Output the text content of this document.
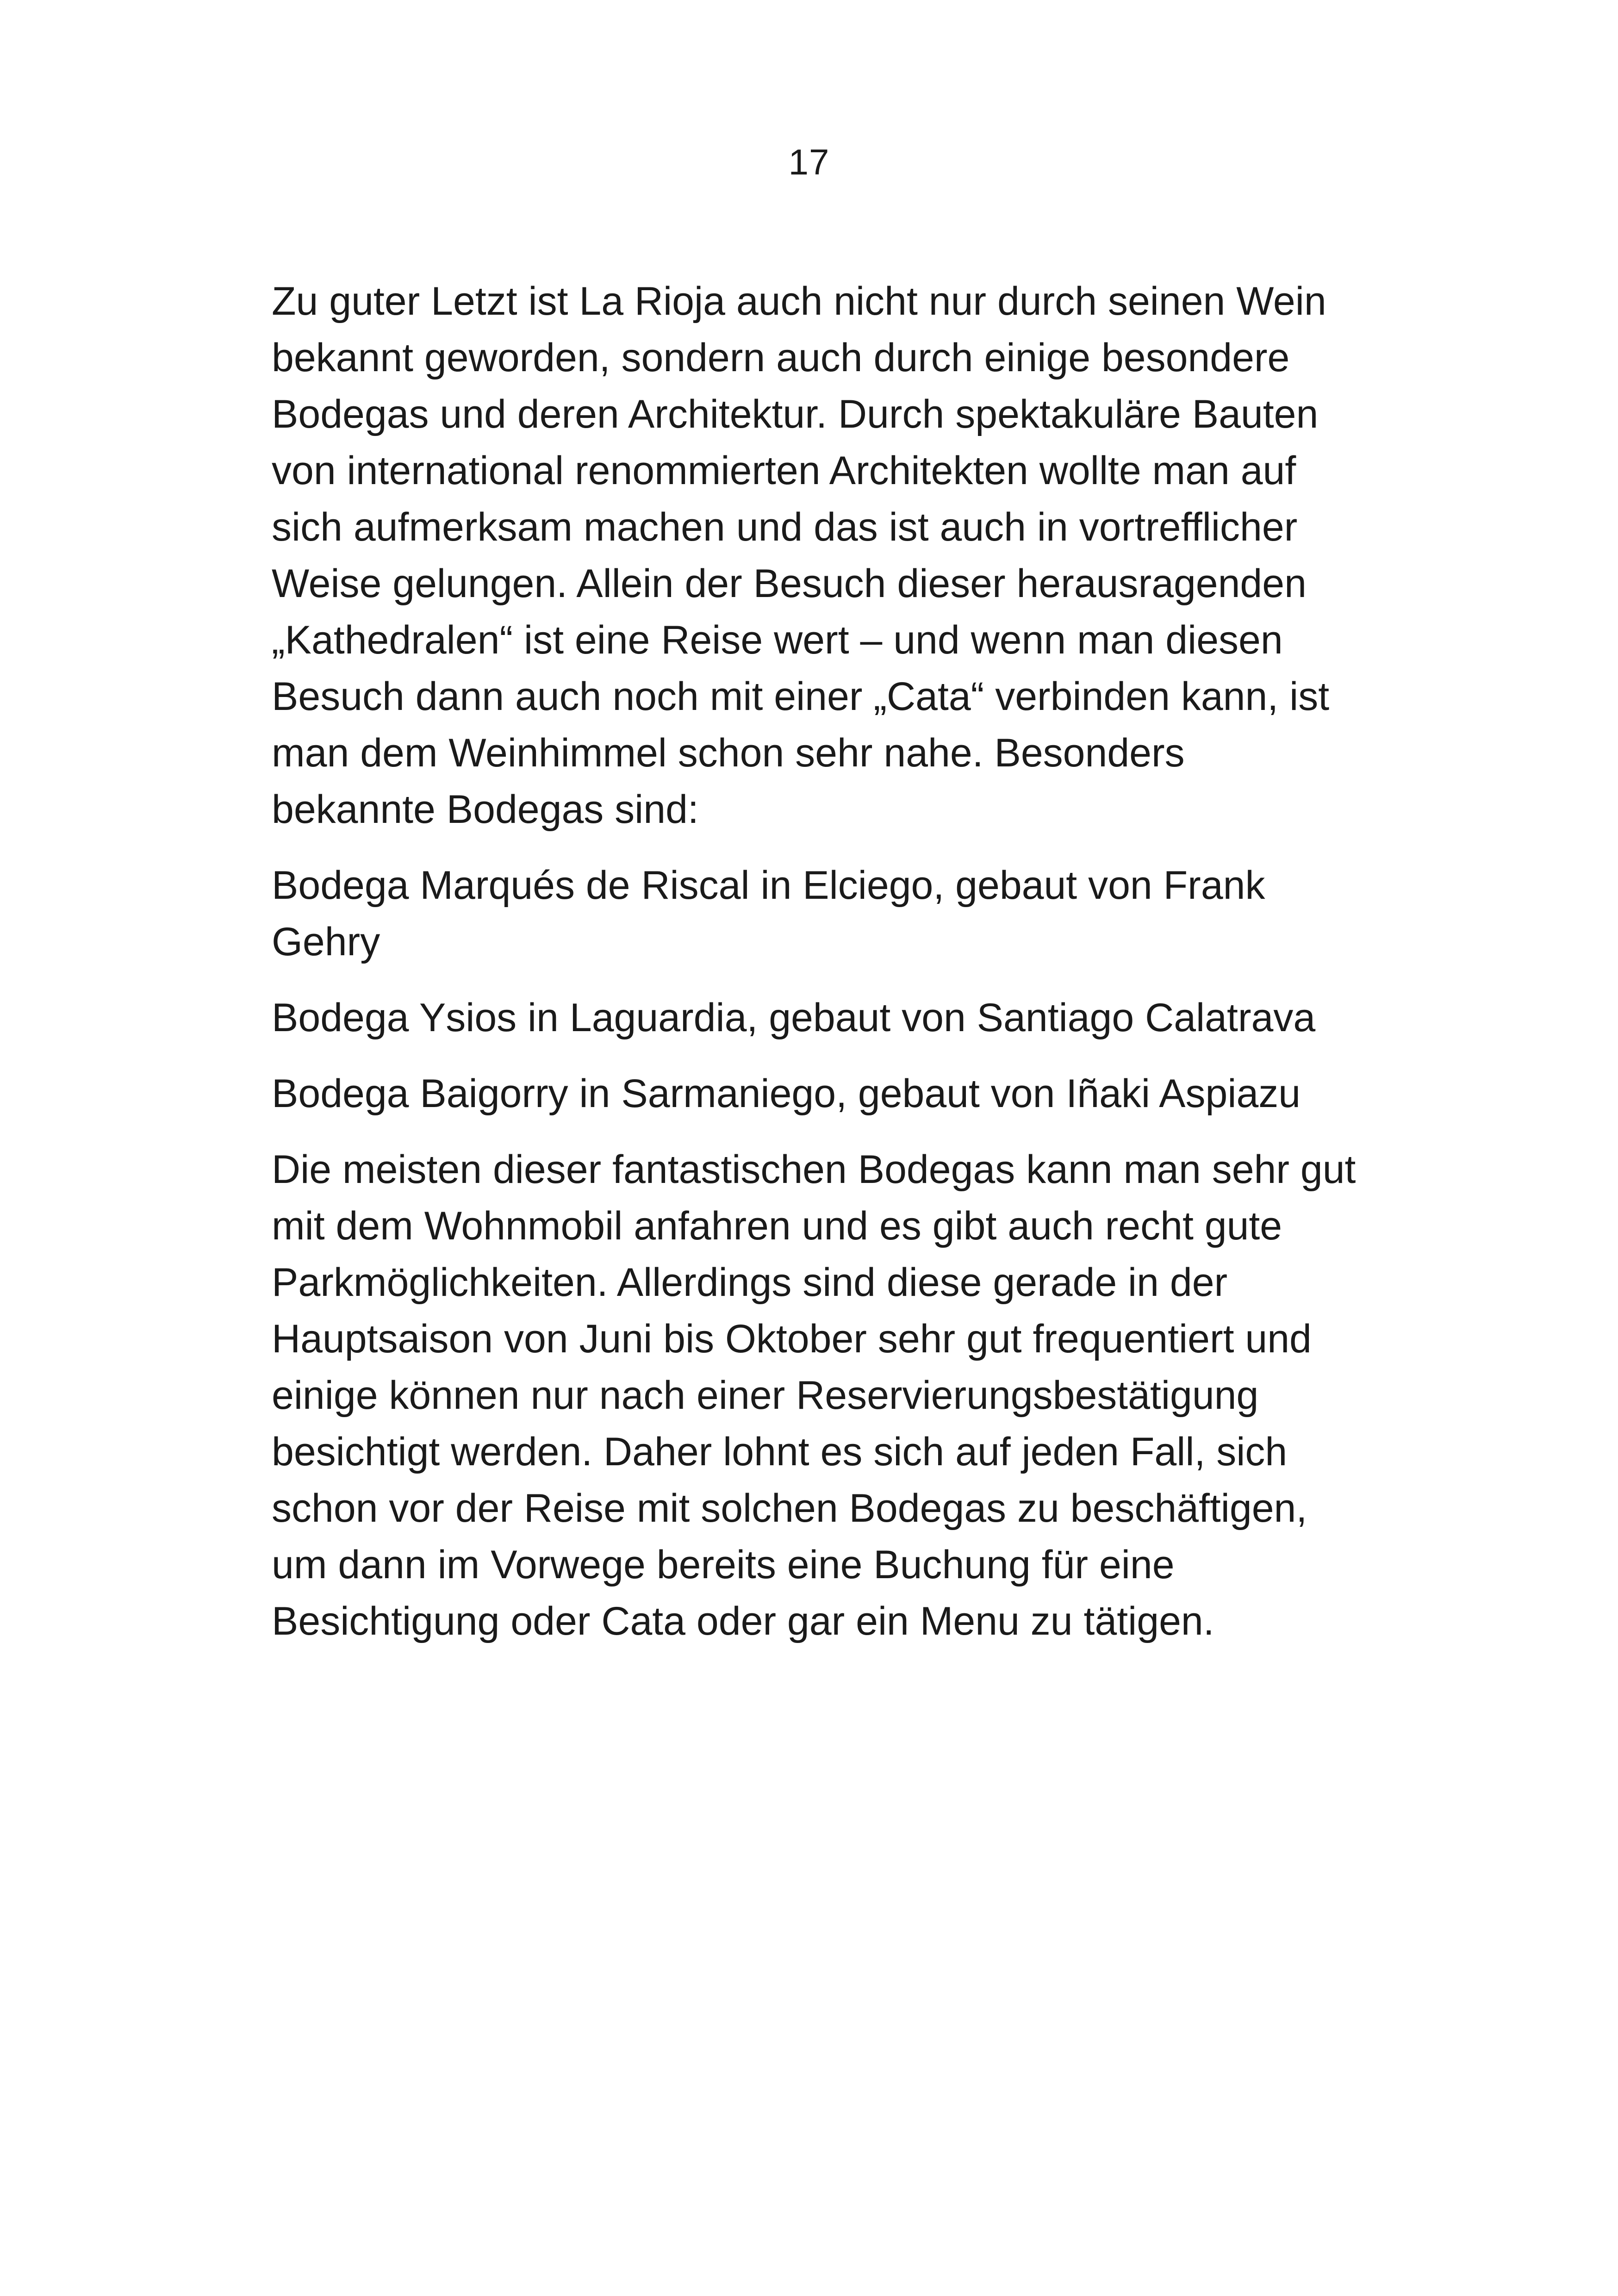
17

Zu guter Letzt ist La Rioja auch nicht nur durch seinen Wein
bekannt geworden, sondern auch durch einige besondere
Bodegas und deren Architektur. Durch spektakuläre Bauten
von international renommierten Architekten wollte man auf
sich aufmerksam machen und das ist auch in vortrefflicher
Weise gelungen. Allein der Besuch dieser herausragenden
„Kathedralen“ ist eine Reise wert – und wenn man diesen
Besuch dann auch noch mit einer „Cata“ verbinden kann, ist
man dem Weinhimmel schon sehr nahe. Besonders
bekannte Bodegas sind:

Bodega Marqués de Riscal in Elciego, gebaut von Frank
Gehry

Bodega Ysios in Laguardia, gebaut von Santiago Calatrava

Bodega Baigorry in Sarmaniego, gebaut von Iñaki Aspiazu

Die meisten dieser fantastischen Bodegas kann man sehr gut
mit dem Wohnmobil anfahren und es gibt auch recht gute
Parkmöglichkeiten. Allerdings sind diese gerade in der
Hauptsaison von Juni bis Oktober sehr gut frequentiert und
einige können nur nach einer Reservierungsbestätigung
besichtigt werden. Daher lohnt es sich auf jeden Fall, sich
schon vor der Reise mit solchen Bodegas zu beschäftigen,
um dann im Vorwege bereits eine Buchung für eine
Besichtigung oder Cata oder gar ein Menu zu tätigen.
